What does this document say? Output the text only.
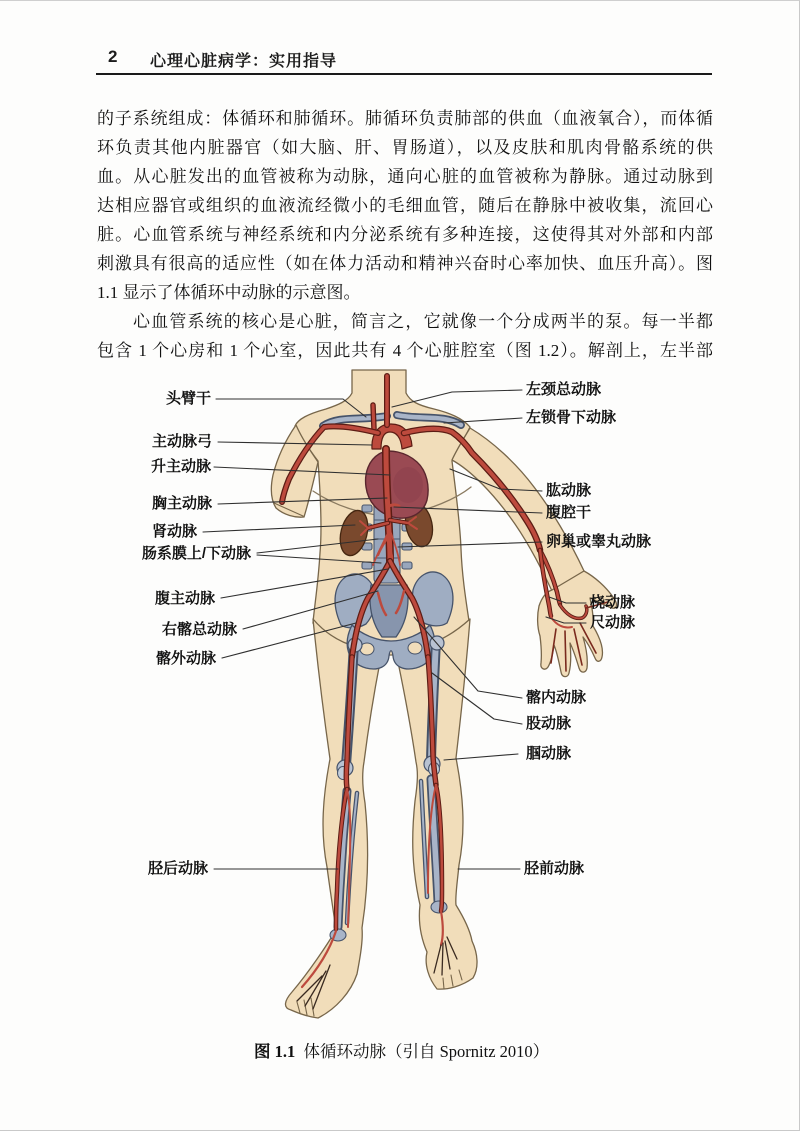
2 心理心脏病学：实用指导
的子系统组成：体循环和肺循环。肺循环负责肺部的供血（血液氧合），而体循
环负责其他内脏器官（如大脑、肝、胃肠道），以及皮肤和肌肉骨骼系统的供
血。从心脏发出的血管被称为动脉，通向心脏的血管被称为静脉。通过动脉到
达相应器官或组织的血液流经微小的毛细血管，随后在静脉中被收集，流回心
脏。心血管系统与神经系统和内分泌系统有多种连接，这使得其对外部和内部
刺激具有很高的适应性（如在体力活动和精神兴奋时心率加快、血压升高）。图
1.1 显示了体循环中动脉的示意图。
心血管系统的核心是心脏，简言之，它就像一个分成两半的泵。每一半都
包含 1 个心房和 1 个心室，因此共有 4 个心脏腔室（图 1.2）。解剖上，左半部
头臂干
主动脉弓
升主动脉
胸主动脉
肾动脉
肠系膜上/下动脉
腹主动脉
右髂总动脉
髂外动脉
胫后动脉
左颈总动脉
左锁骨下动脉
肱动脉
腹腔干
卵巢或睾丸动脉
桡动脉
尺动脉
髂内动脉
股动脉
腘动脉
胫前动脉
图 1.1 体循环动脉（引自 Spornitz 2010）
